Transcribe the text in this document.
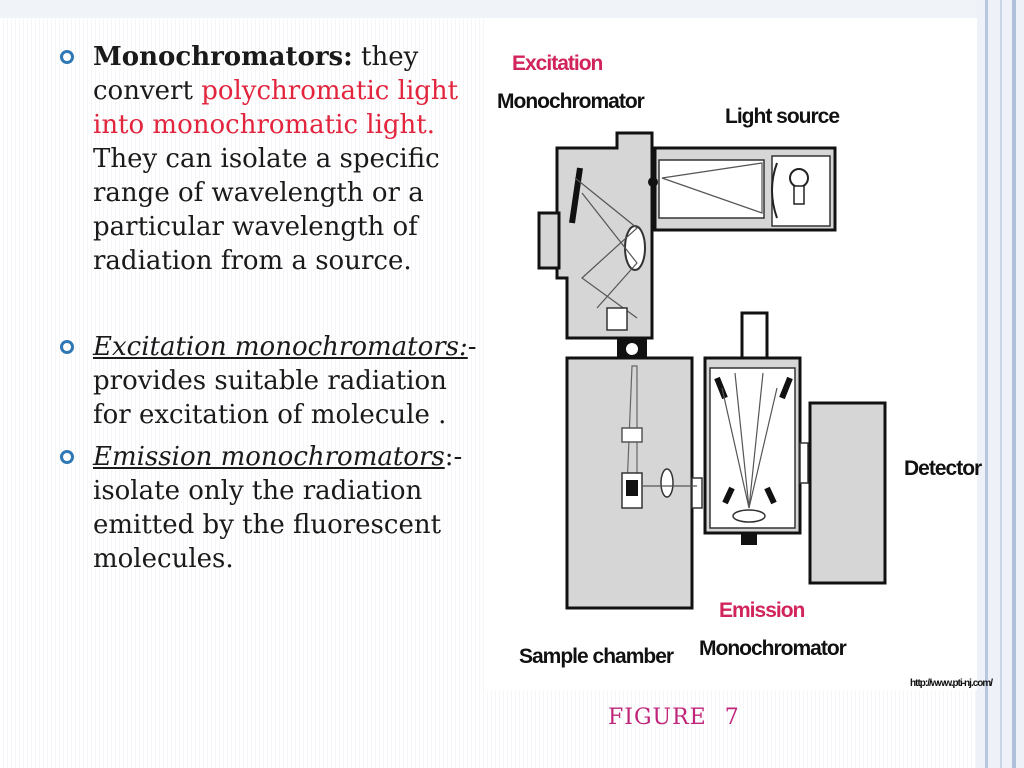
Monochromators: they convert polychromatic light into monochromatic light. They can isolate a specific range of wavelength or a particular wavelength of radiation from a source.
Excitation monochromators:-provides suitable radiation for excitation of molecule .
Emission monochromators:- isolate only the radiation emitted by the fluorescent molecules.
Excitation
Monochromator
Light source
Detector
Emission
Monochromator
Sample chamber
http://www.pti-nj.com/
FIGURE 7
